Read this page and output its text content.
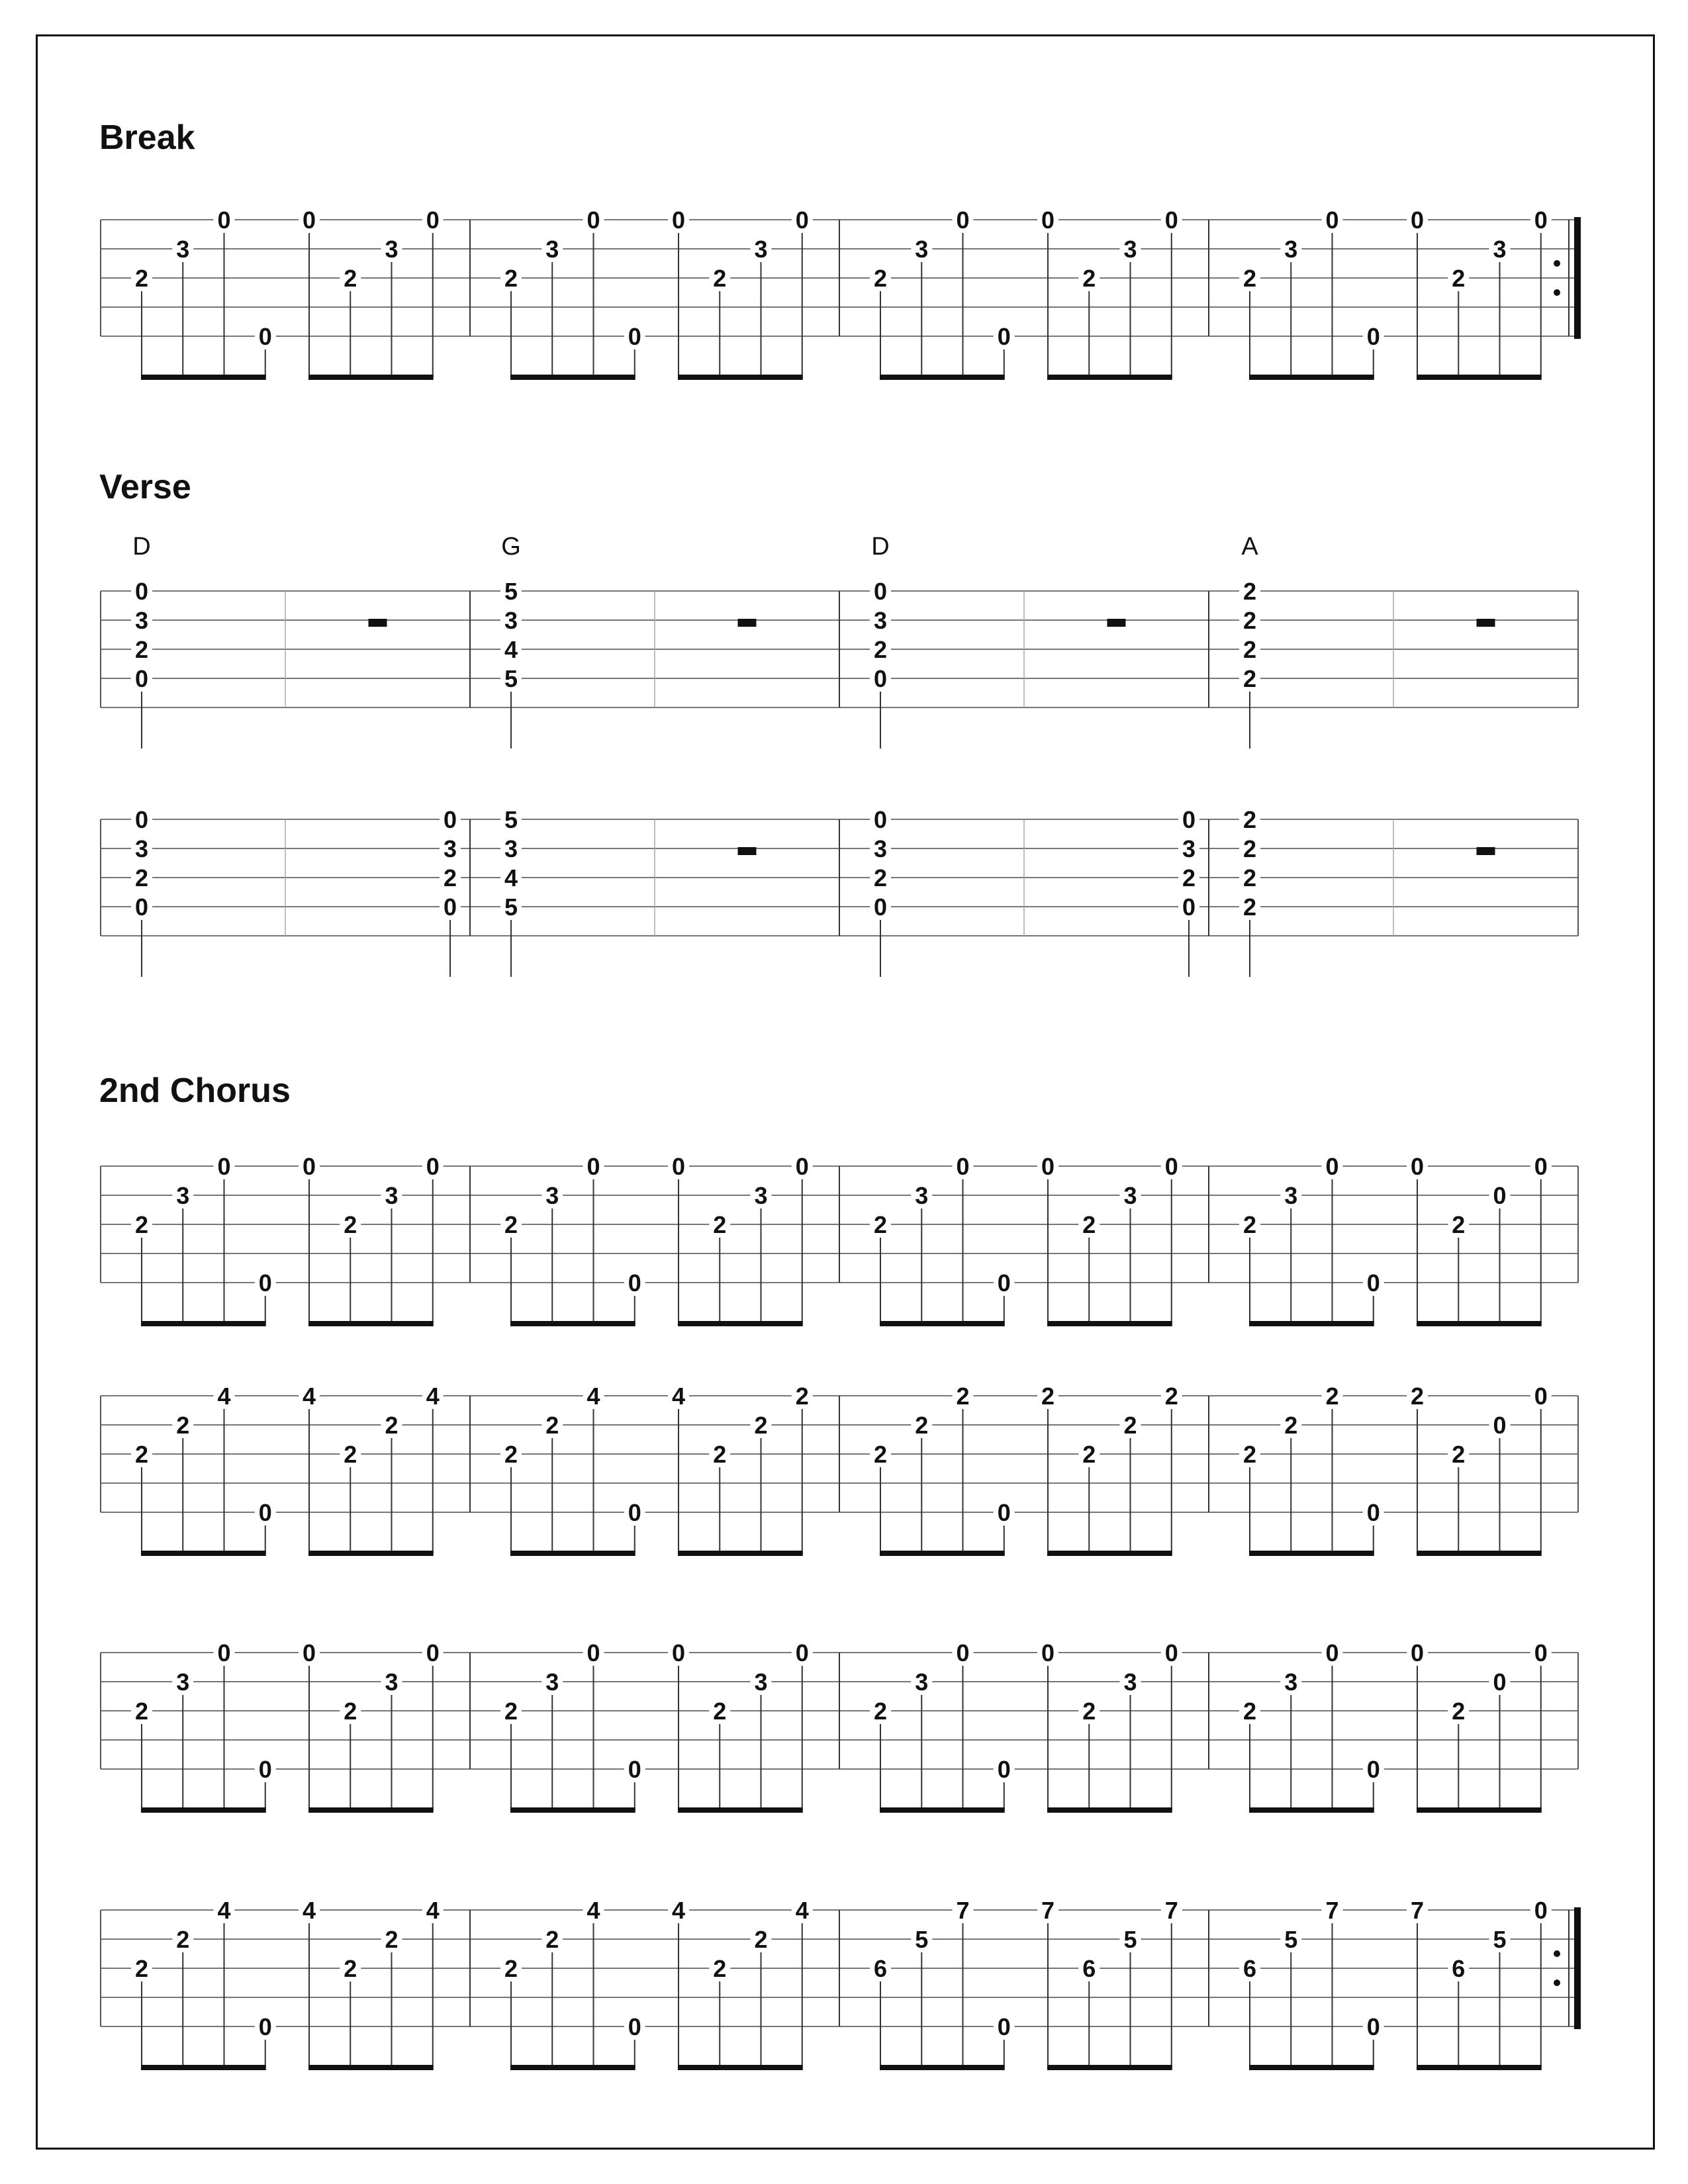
Break
Verse
2nd Chorus
2
3
0
0
0
2
3
0
2
3
0
0
0
2
3
0
2
3
0
0
0
2
3
0
2
3
0
0
0
2
3
0
D
0
3
2
0
G
5
3
4
5
D
0
3
2
0
A
2
2
2
2
0
3
2
0
0
3
2
0
5
3
4
5
0
3
2
0
0
3
2
0
2
2
2
2
2
3
0
0
0
2
3
0
2
3
0
0
0
2
3
0
2
3
0
0
0
2
3
0
2
3
0
0
0
2
0
0
2
2
4
0
4
2
2
4
2
2
4
0
4
2
2
2
2
2
2
0
2
2
2
2
2
2
2
0
2
2
0
0
2
3
0
0
0
2
3
0
2
3
0
0
0
2
3
0
2
3
0
0
0
2
3
0
2
3
0
0
0
2
0
0
2
2
4
0
4
2
2
4
2
2
4
0
4
2
2
4
6
5
7
0
7
6
5
7
6
5
7
0
7
6
5
0
